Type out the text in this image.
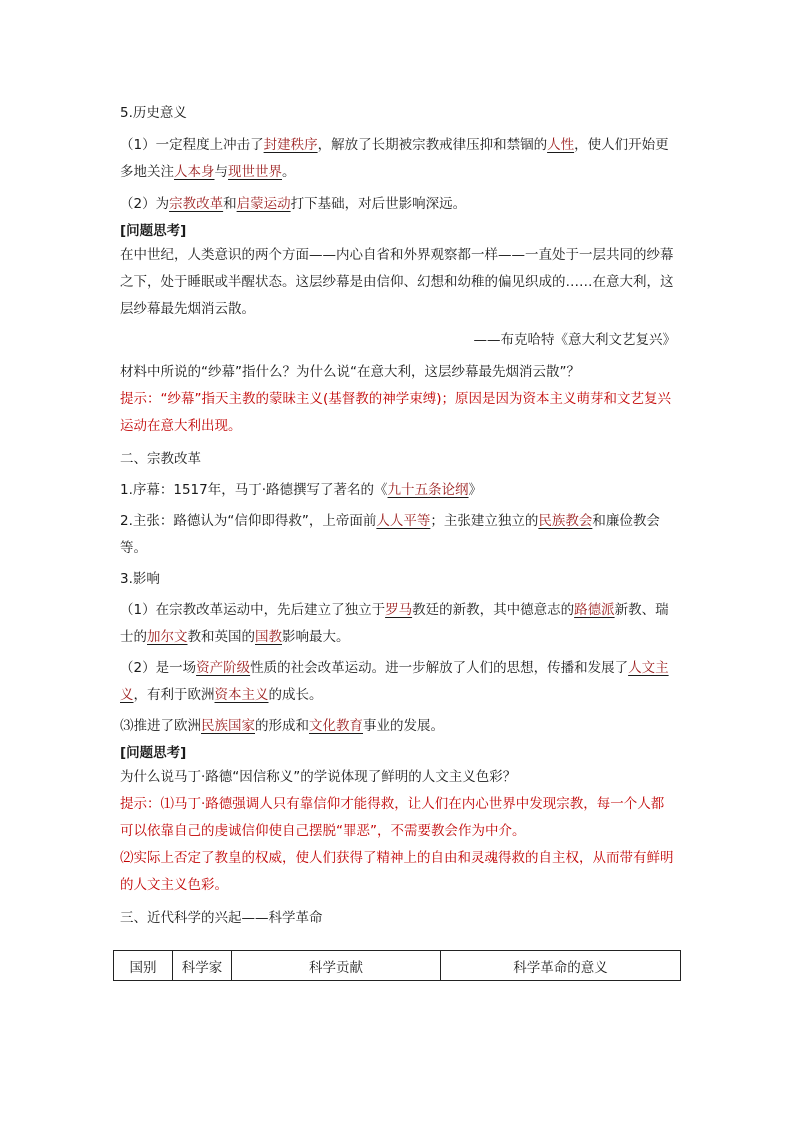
5.历史意义

（1）一定程度上冲击了封建秩序，解放了长期被宗教戒律压抑和禁锢的人性，使人们开始更多地关注人本身与现世世界。

（2）为宗教改革和启蒙运动打下基础，对后世影响深远。

[问题思考]

在中世纪，人类意识的两个方面——内心自省和外界观察都一样——一直处于一层共同的纱幕之下，处于睡眠或半醒状态。这层纱幕是由信仰、幻想和幼稚的偏见织成的……在意大利，这层纱幕最先烟消云散。

——布克哈特《意大利文艺复兴》

材料中所说的“纱幕”指什么？为什么说“在意大利，这层纱幕最先烟消云散”？

提示：“纱幕”指天主教的蒙昧主义(基督教的神学束缚)；原因是因为资本主义萌芽和文艺复兴运动在意大利出现。

二、宗教改革

1.序幕：1517年，马丁·路德撰写了著名的《九十五条论纲》

2.主张：路德认为“信仰即得救”，上帝面前人人平等；主张建立独立的民族教会和廉俭教会等。

3.影响

（1）在宗教改革运动中，先后建立了独立于罗马教廷的新教，其中德意志的路德派新教、瑞士的加尔文教和英国的国教影响最大。

（2）是一场资产阶级性质的社会改革运动。进一步解放了人们的思想，传播和发展了人文主义，有利于欧洲资本主义的成长。

⑶推进了欧洲民族国家的形成和文化教育事业的发展。

[问题思考]

为什么说马丁·路德“因信称义”的学说体现了鲜明的人文主义色彩？

提示：⑴马丁·路德强调人只有靠信仰才能得救，让人们在内心世界中发现宗教，每一个人都可以依靠自己的虔诚信仰使自己摆脱“罪恶”，不需要教会作为中介。

⑵实际上否定了教皇的权威，使人们获得了精神上的自由和灵魂得救的自主权，从而带有鲜明的人文主义色彩。

三、近代科学的兴起——科学革命

国别	科学家	科学贡献	科学革命的意义
